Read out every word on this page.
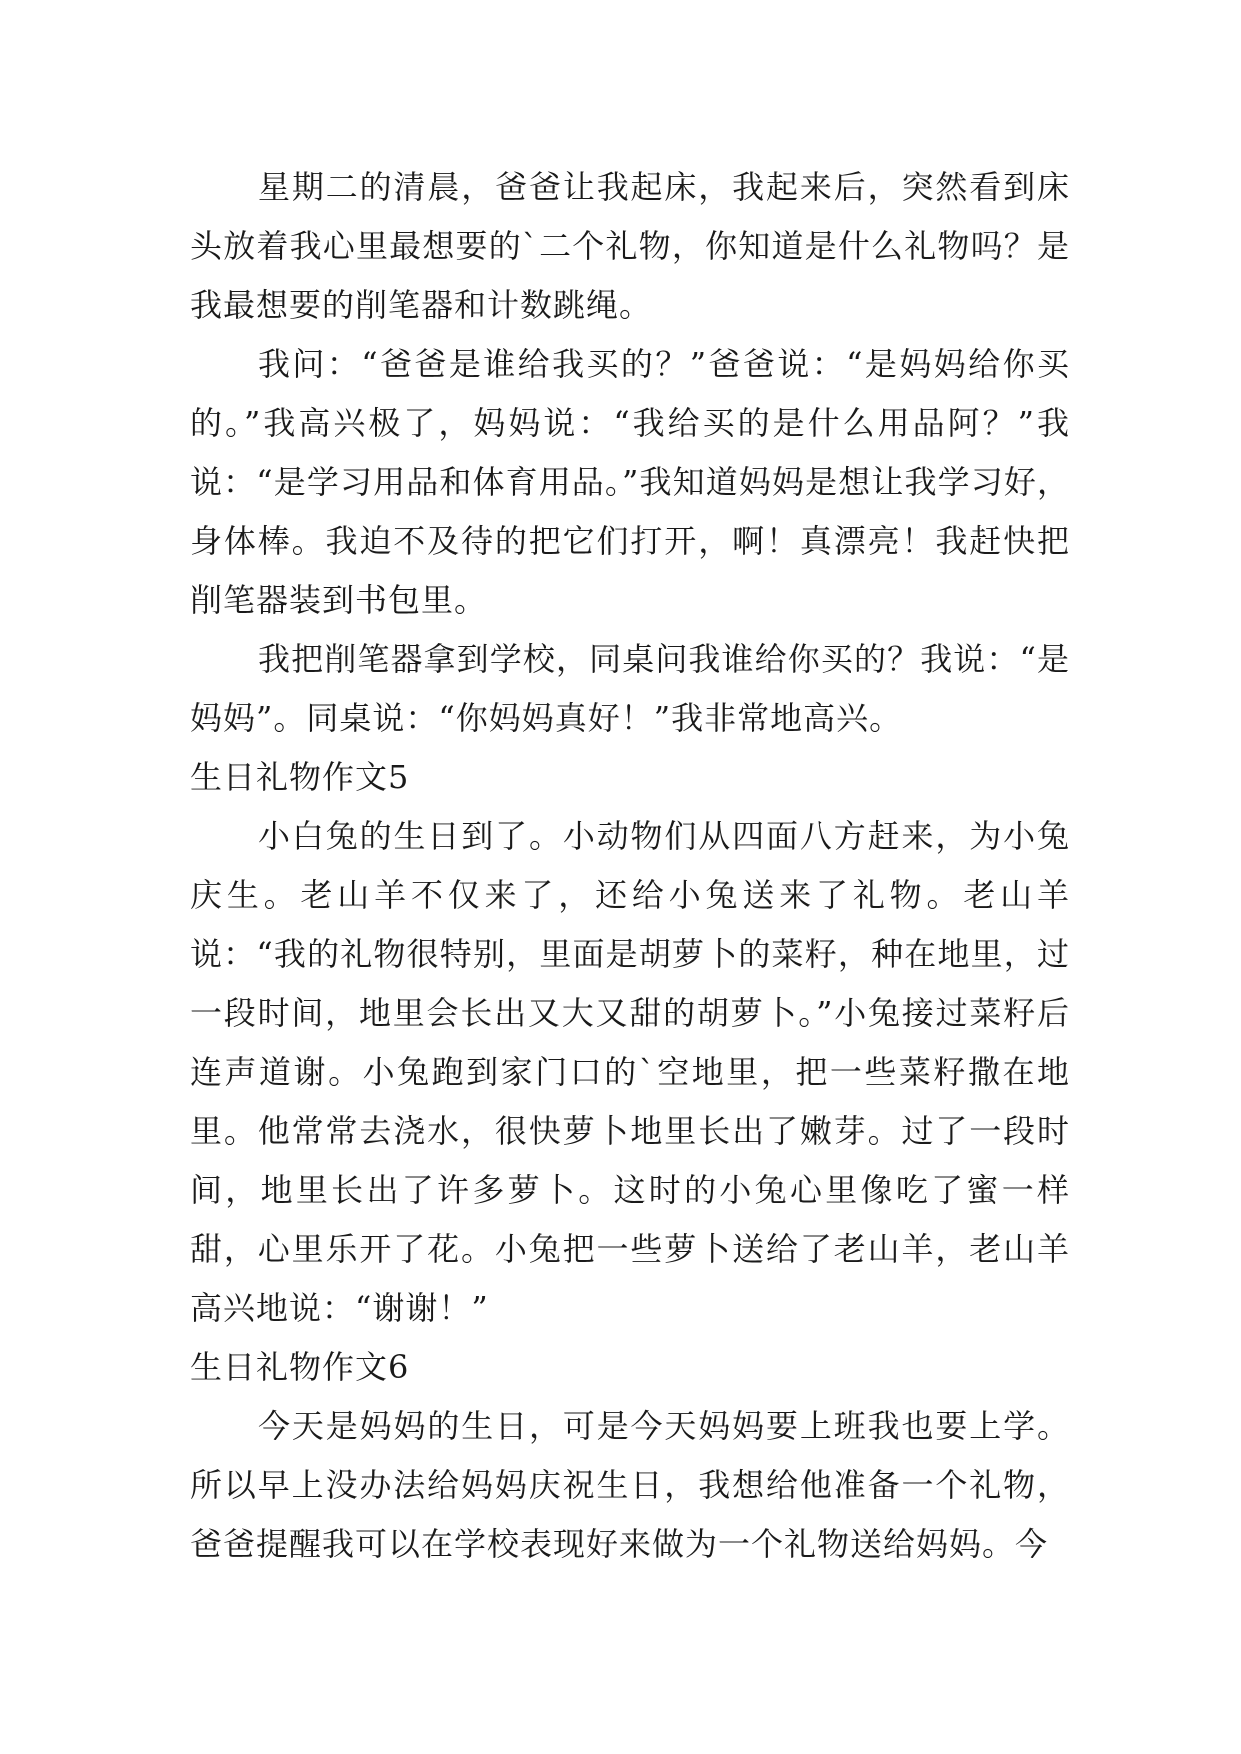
星期二的清晨，爸爸让我起床，我起来后，突然看到床头放着我心里最想要的`二个礼物，你知道是什么礼物吗？是我最想要的削笔器和计数跳绳。

我问：“爸爸是谁给我买的？”爸爸说：“是妈妈给你买的。”我高兴极了，妈妈说：“我给买的是什么用品阿？”我说：“是学习用品和体育用品。”我知道妈妈是想让我学习好，身体棒。我迫不及待的把它们打开，啊！真漂亮！我赶快把削笔器装到书包里。

我把削笔器拿到学校，同桌问我谁给你买的？我说：“是妈妈”。同桌说：“你妈妈真好！”我非常地高兴。

生日礼物作文5

小白兔的生日到了。小动物们从四面八方赶来，为小兔庆生。老山羊不仅来了，还给小兔送来了礼物。老山羊说：“我的礼物很特别，里面是胡萝卜的菜籽，种在地里，过一段时间，地里会长出又大又甜的胡萝卜。”小兔接过菜籽后连声道谢。小兔跑到家门口的`空地里，把一些菜籽撒在地里。他常常去浇水，很快萝卜地里长出了嫩芽。过了一段时间，地里长出了许多萝卜。这时的小兔心里像吃了蜜一样甜，心里乐开了花。小兔把一些萝卜送给了老山羊，老山羊高兴地说：“谢谢！”

生日礼物作文6

今天是妈妈的生日，可是今天妈妈要上班我也要上学。所以早上没办法给妈妈庆祝生日，我想给他准备一个礼物，爸爸提醒我可以在学校表现好来做为一个礼物送给妈妈。今
